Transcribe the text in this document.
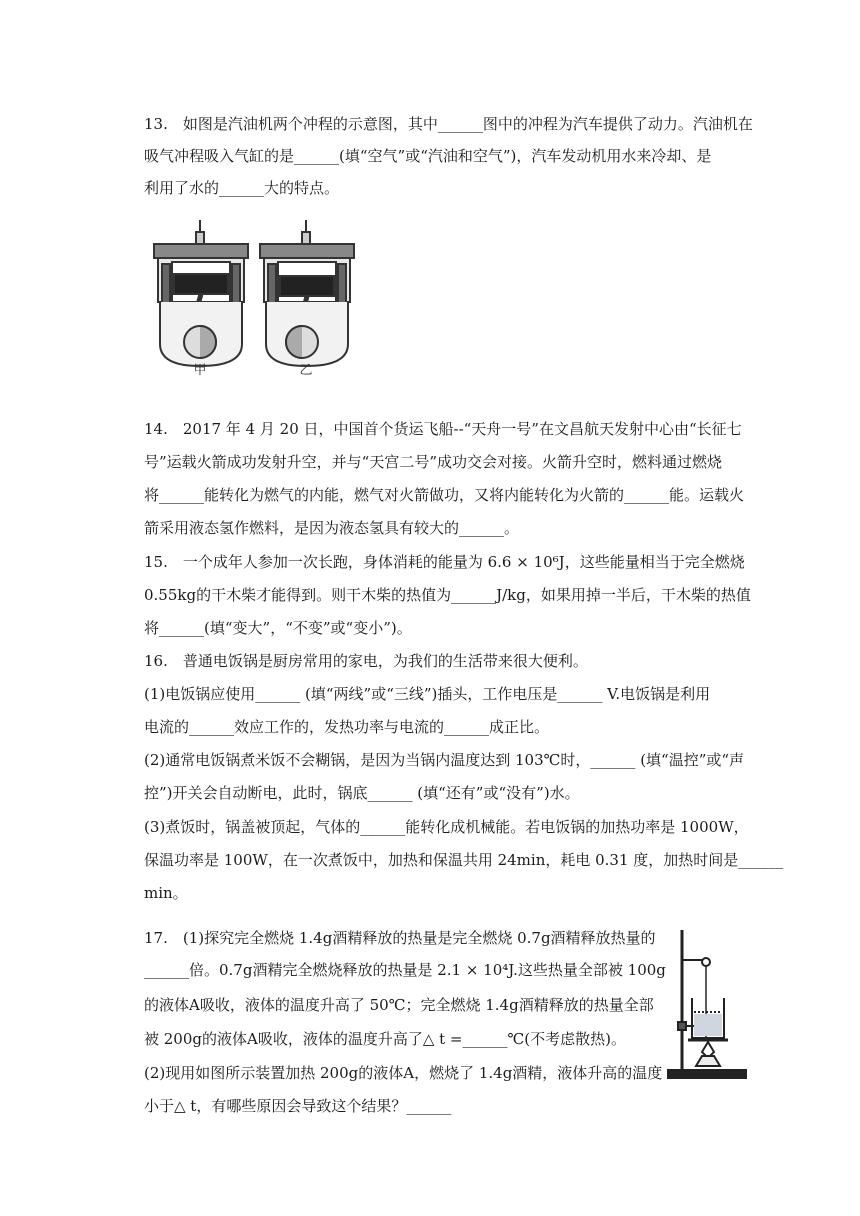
13.　如图是汽油机两个冲程的示意图，其中______图中的冲程为汽车提供了动力。汽油机在
吸气冲程吸入气缸的是______(填“空气”或“汽油和空气”)，汽车发动机用水来冷却、是
利用了水的______大的特点。
甲	乙
14.　2017 年 4 月 20 日，中国首个货运飞船--“天舟一号”在文昌航天发射中心由“长征七
号”运载火箭成功发射升空，并与“天宫二号”成功交会对接。火箭升空时，燃料通过燃烧
将______能转化为燃气的内能，燃气对火箭做功，又将内能转化为火箭的______能。运载火
箭采用液态氢作燃料，是因为液态氢具有较大的______。
15.　一个成年人参加一次长跑，身体消耗的能量为 6.6 × 10⁶J，这些能量相当于完全燃烧
0.55kg的干木柴才能得到。则干木柴的热值为______J/kg，如果用掉一半后，干木柴的热值
将______(填“变大”，“不变”或“变小”)。
16.　普通电饭锅是厨房常用的家电，为我们的生活带来很大便利。
(1)电饭锅应使用______ (填“两线”或“三线”)插头，工作电压是______ V.电饭锅是利用
电流的______效应工作的，发热功率与电流的______成正比。
(2)通常电饭锅煮米饭不会糊锅，是因为当锅内温度达到 103℃时，______ (填“温控”或“声
控”)开关会自动断电，此时，锅底______ (填“还有”或“没有”)水。
(3)煮饭时，锅盖被顶起，气体的______能转化成机械能。若电饭锅的加热功率是 1000W，
保温功率是 100W，在一次煮饭中，加热和保温共用 24min，耗电 0.31 度，加热时间是______
min。
17.　(1)探究完全燃烧 1.4g酒精释放的热量是完全燃烧 0.7g酒精释放热量的
______倍。0.7g酒精完全燃烧释放的热量是 2.1 × 10⁴J.这些热量全部被 100g
的液体A吸收，液体的温度升高了 50℃；完全燃烧 1.4g酒精释放的热量全部
被 200g的液体A吸收，液体的温度升高了△ t =______℃(不考虑散热)。
(2)现用如图所示装置加热 200g的液体A，燃烧了 1.4g酒精，液体升高的温度
小于△ t，有哪些原因会导致这个结果？______
